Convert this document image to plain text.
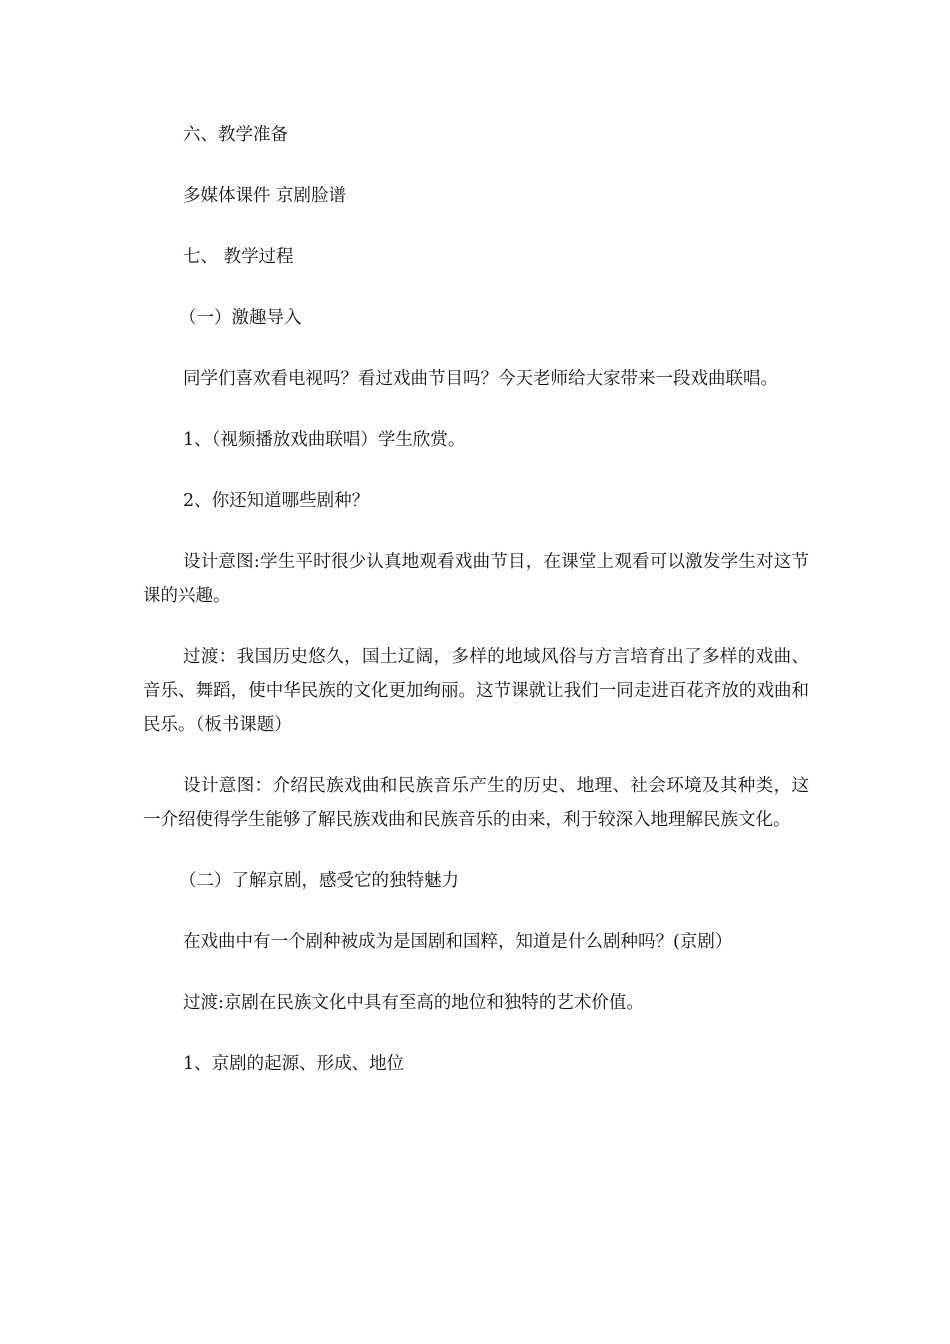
六、教学准备

多媒体课件 京剧脸谱

七、 教学过程

（一）激趣导入

同学们喜欢看电视吗？看过戏曲节目吗？今天老师给大家带来一段戏曲联唱。

1、（视频播放戏曲联唱）学生欣赏。

2、你还知道哪些剧种？

设计意图:学生平时很少认真地观看戏曲节目，在课堂上观看可以激发学生对这节课的兴趣。

过渡：我国历史悠久，国土辽阔，多样的地域风俗与方言培育出了多样的戏曲、音乐、舞蹈，使中华民族的文化更加绚丽。这节课就让我们一同走进百花齐放的戏曲和民乐。（板书课题）

设计意图：介绍民族戏曲和民族音乐产生的历史、地理、社会环境及其种类，这一介绍使得学生能够了解民族戏曲和民族音乐的由来，利于较深入地理解民族文化。

（二）了解京剧，感受它的独特魅力

在戏曲中有一个剧种被成为是国剧和国粹，知道是什么剧种吗？(京剧）

过渡:京剧在民族文化中具有至高的地位和独特的艺术价值。

1、京剧的起源、形成、地位
